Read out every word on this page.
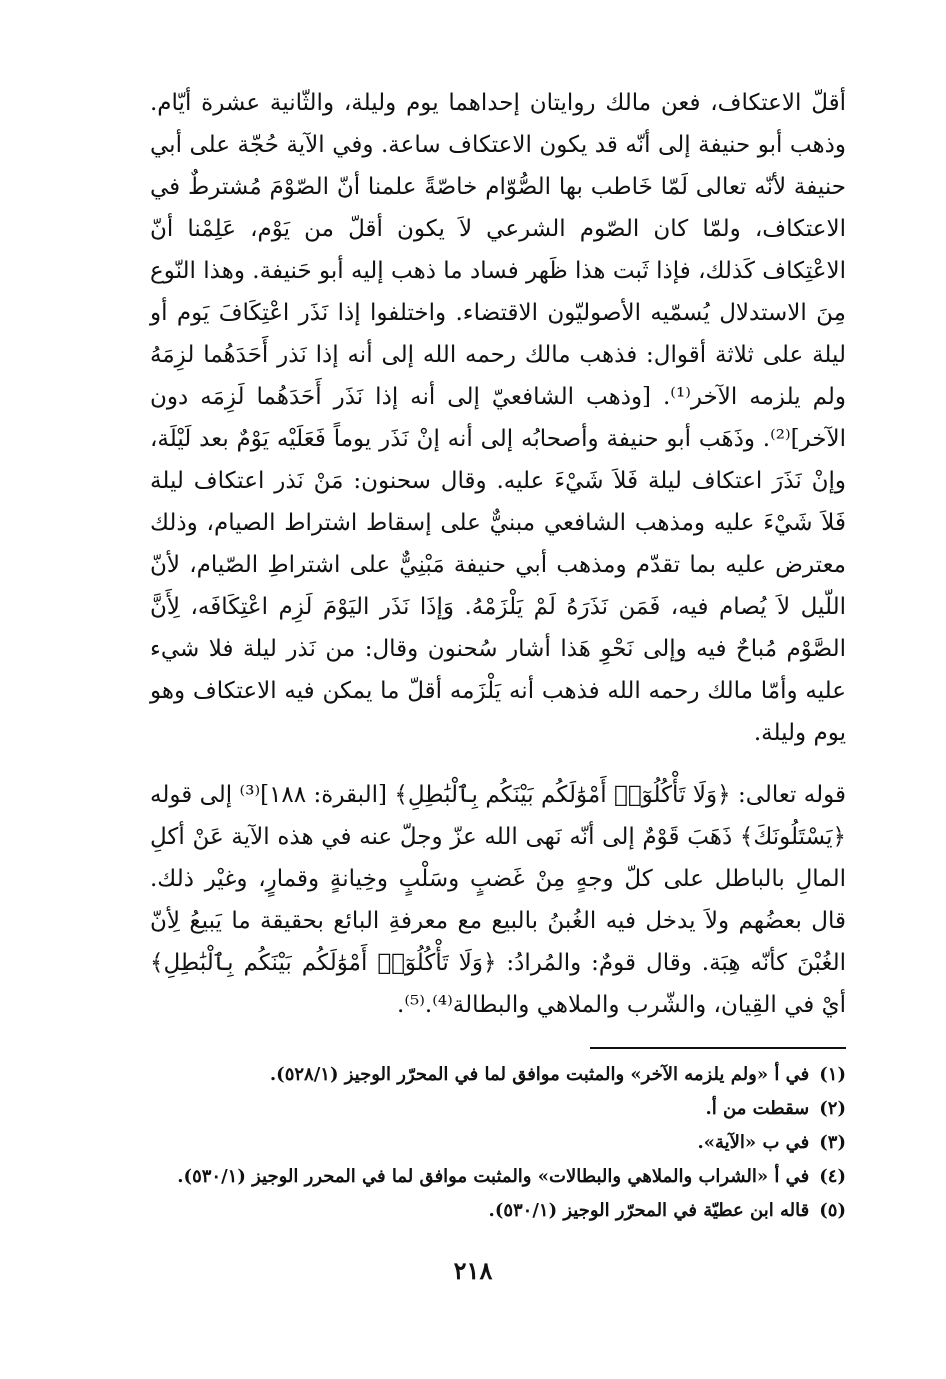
أقلّ الاعتكاف، فعن مالك روايتان إحداهما يوم وليلة، والثّانية عشرة أيّام. وذهب أبو حنيفة إلى أنّه قد يكون الاعتكاف ساعة. وفي الآية حُجّة على أبي حنيفة لأنّه تعالى لَمّا خَاطب بها الصُّوّام خاصّةً علمنا أنّ الصّوْمَ مُشترطٌ في الاعتكاف، ولمّا كان الصّوم الشرعي لاَ يكون أقلّ من يَوْم، عَلِمْنا أنّ الاعْتِكاف كَذلك، فإذا ثَبت هذا ظَهر فساد ما ذهب إليه أبو حَنيفة. وهذا النّوع مِنَ الاستدلال يُسمّيه الأصوليّون الاقتضاء. واختلفوا إذا نَذَر اعْتِكَافَ يَوم أو ليلة على ثلاثة أقوال: فذهب مالك رحمه الله إلى أنه إذا نَذر أَحَدَهُما لزِمَهُ ولم يلزمه الآخر⁽¹⁾. [وذهب الشافعيّ إلى أنه إذا نَذَر أَحَدَهُما لَزِمَه دون الآخر]⁽²⁾. وذَهَب أبو حنيفة وأصحابُه إلى أنه إنْ نَذَر يوماً فَعَلَيْه يَوْمٌ بعد لَيْلَة، وإنْ نَذَرَ اعتكاف ليلة فَلاَ شَيْءَ عليه. وقال سحنون: مَنْ نَذر اعتكاف ليلة فَلاَ شَيْءَ عليه ومذهب الشافعي مبنيٌّ على إسقاط اشتراط الصيام، وذلك معترض عليه بما تقدّم ومذهب أبي حنيفة مَبْنِيٌّ على اشتراطِ الصّيام، لأنّ اللّيل لاَ يُصام فيه، فَمَن نَذَرَهُ لَمْ يَلْزَمْهُ. وَإذَا نَذَر اليَوْمَ لَزِم اعْتِكَافَه، لِأَنَّ الصَّوْم مُباحٌ فيه وإلى نَحْوِ هَذا أشار سُحنون وقال: من نَذر ليلة فلا شيء عليه وأمّا مالك رحمه الله فذهب أنه يَلْزَمه أقلّ ما يمكن فيه الاعتكاف وهو يوم وليلة.

قوله تعالى: ﴿وَلَا تَأْكُلُوٓا۟ أَمْوَٰلَكُم بَيْنَكُم بِٱلْبَٰطِلِ﴾ [البقرة: ١٨٨]⁽³⁾ إلى قوله ﴿يَسْتَلُونَكَ﴾ ذَهَبَ قَوْمٌ إلى أنّه نَهى الله عزّ وجلّ عنه في هذه الآية عَنْ أكلِ المالِ بالباطل على كلّ وجهٍ مِنْ غَضبٍ وسَلْبٍ وخِيانةٍ وقمارٍ، وغيْر ذلك. قال بعضُهم ولاَ يدخل فيه الغُبنُ بالبيع مع معرفةِ البائع بحقيقة ما يَبيعُ لِأنّ الغُبْنَ كأنّه هِبَة. وقال قومٌ: والمُرادُ: ﴿وَلَا تَأْكُلُوٓا۟ أَمْوَٰلَكُم بَيْنَكُم بِٱلْبَٰطِلِ﴾ أيْ في القِيان، والشّرب والملاهي والبطالة⁽⁴⁾.⁽⁵⁾.

(١)في أ «ولم يلزمه الآخر» والمثبت موافق لما في المحرّر الوجيز (٥٢٨/١).
(٢)سقطت من أ.
(٣)في ب «الآية».
(٤)في أ «الشراب والملاهي والبطالات» والمثبت موافق لما في المحرر الوجيز (٥٣٠/١).
(٥)قاله ابن عطيّة في المحرّر الوجيز (٥٣٠/١).
٢١٨
